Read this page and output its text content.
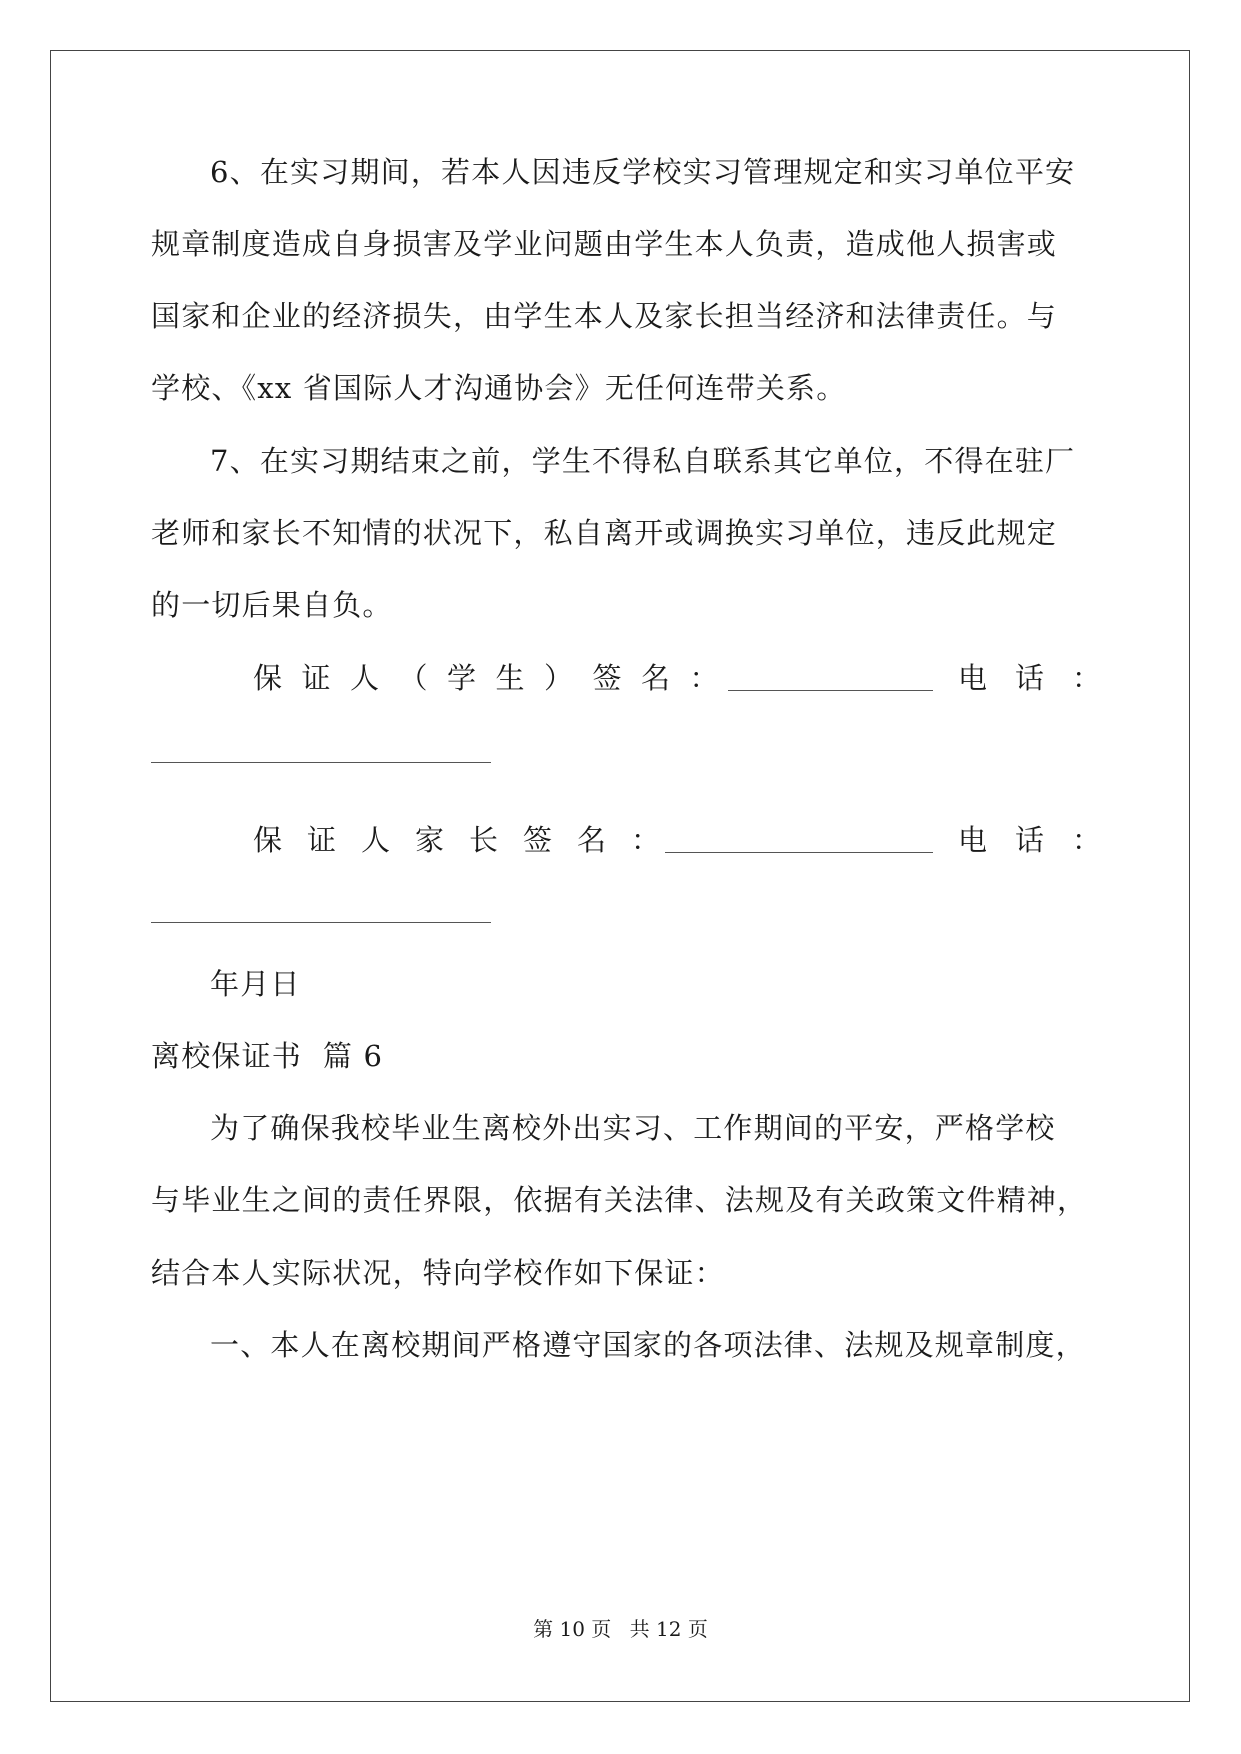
6、在实习期间，若本人因违反学校实习管理规定和实习单位平安
规章制度造成自身损害及学业问题由学生本人负责，造成他人损害或
国家和企业的经济损失，由学生本人及家长担当经济和法律责任。与
学校、《xx 省国际人才沟通协会》无任何连带关系。
7、在实习期结束之前，学生不得私自联系其它单位，不得在驻厂
老师和家长不知情的状况下，私自离开或调换实习单位，违反此规定
的一切后果自负。
保证人（学生）签名：	电话：
保证人家长签名：	电话：
年月日
离校保证书  篇 6
为了确保我校毕业生离校外出实习、工作期间的平安，严格学校
与毕业生之间的责任界限，依据有关法律、法规及有关政策文件精神，
结合本人实际状况，特向学校作如下保证：
一、本人在离校期间严格遵守国家的各项法律、法规及规章制度，
第 10 页 共 12 页
